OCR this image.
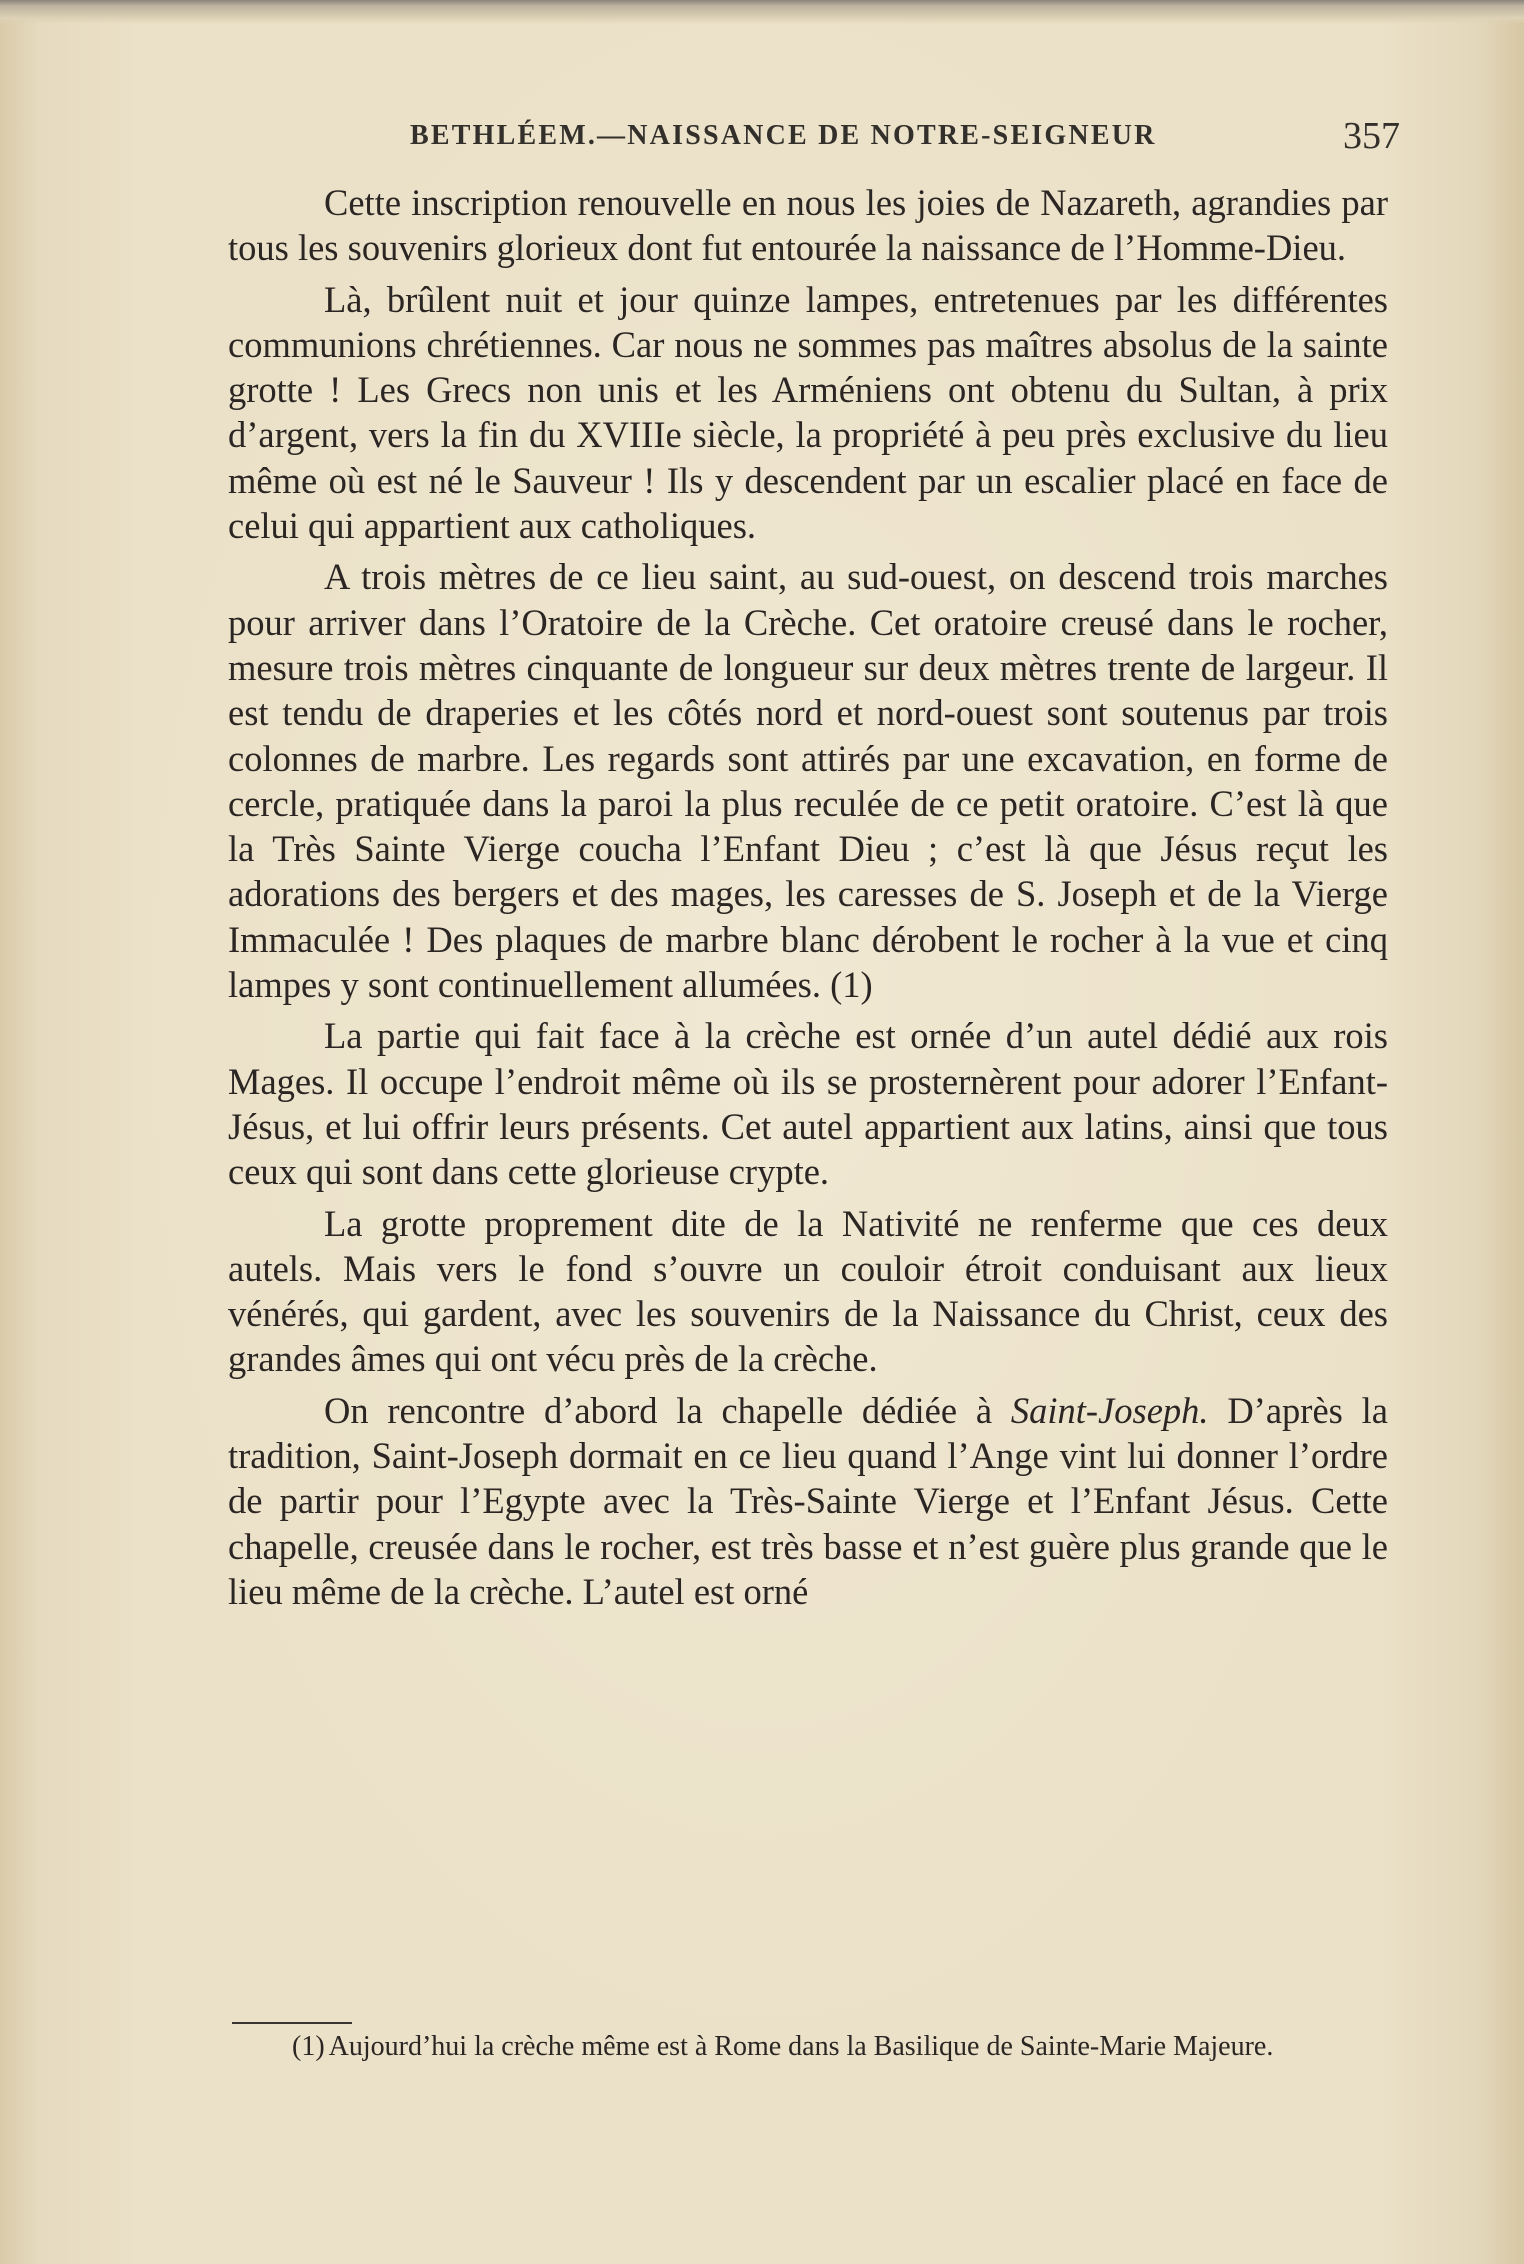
BETHLÉEM.—NAISSANCE DE NOTRE-SEIGNEUR	357

Cette inscription renouvelle en nous les joies de Nazareth, agrandies par tous les souvenirs glorieux dont fut entourée la naissance de l’Homme-Dieu.

Là, brûlent nuit et jour quinze lampes, entretenues par les différentes communions chrétiennes. Car nous ne sommes pas maîtres absolus de la sainte grotte ! Les Grecs non unis et les Arméniens ont obtenu du Sultan, à prix d’argent, vers la fin du XVIIIe siècle, la propriété à peu près exclusive du lieu même où est né le Sauveur ! Ils y descendent par un escalier placé en face de celui qui appartient aux catholiques.

A trois mètres de ce lieu saint, au sud-ouest, on descend trois marches pour arriver dans l’Oratoire de la Crèche. Cet oratoire creusé dans le rocher, mesure trois mètres cinquante de longueur sur deux mètres trente de largeur. Il est tendu de draperies et les côtés nord et nord-ouest sont soutenus par trois colonnes de marbre. Les regards sont attirés par une excavation, en forme de cercle, pratiquée dans la paroi la plus reculée de ce petit oratoire. C’est là que la Très Sainte Vierge coucha l’Enfant Dieu ; c’est là que Jésus reçut les adorations des bergers et des mages, les caresses de S. Joseph et de la Vierge Immaculée ! Des plaques de marbre blanc dérobent le rocher à la vue et cinq lampes y sont continuellement allumées. (1)

La partie qui fait face à la crèche est ornée d’un autel dédié aux rois Mages. Il occupe l’endroit même où ils se prosternèrent pour adorer l’Enfant-Jésus, et lui offrir leurs présents. Cet autel appartient aux latins, ainsi que tous ceux qui sont dans cette glorieuse crypte.

La grotte proprement dite de la Nativité ne renferme que ces deux autels. Mais vers le fond s’ouvre un couloir étroit conduisant aux lieux vénérés, qui gardent, avec les souvenirs de la Naissance du Christ, ceux des grandes âmes qui ont vécu près de la crèche.

On rencontre d’abord la chapelle dédiée à Saint-Joseph. D’après la tradition, Saint-Joseph dormait en ce lieu quand l’Ange vint lui donner l’ordre de partir pour l’Egypte avec la Très-Sainte Vierge et l’Enfant Jésus. Cette chapelle, creusée dans le rocher, est très basse et n’est guère plus grande que le lieu même de la crèche. L’autel est orné

(1) Aujourd’hui la crèche même est à Rome dans la Basilique de Sainte-Marie Majeure.
